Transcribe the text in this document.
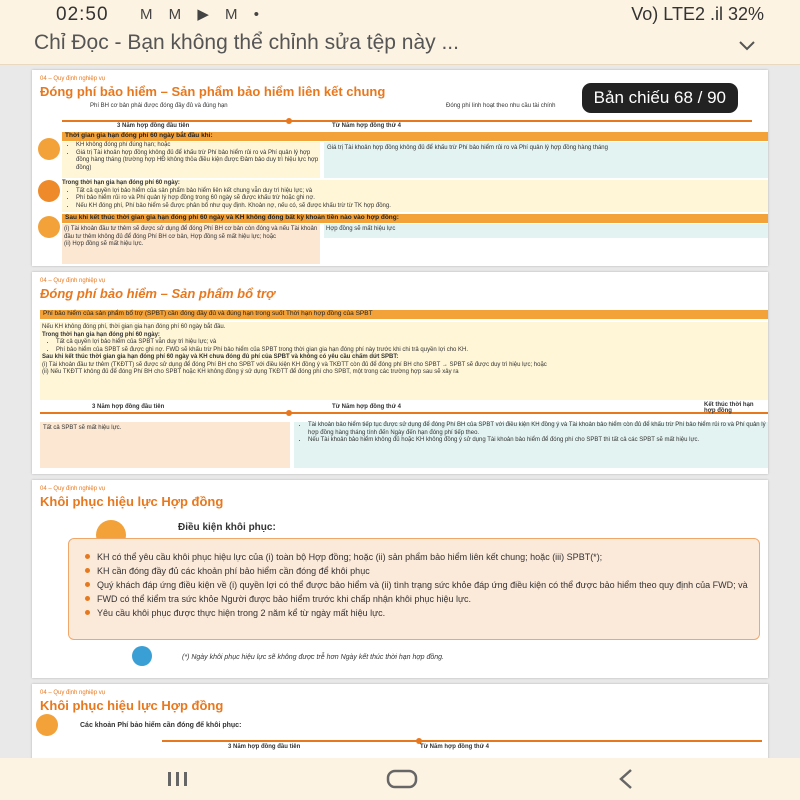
02:50 M M ▶ M •	Vo) LTE2 .il 32%
Chỉ Đọc - Bạn không thể chỉnh sửa tệp này ...
04 – Quy định nghiệp vụ
Đóng phí bảo hiểm – Sản phẩm bảo hiểm liên kết chung	Bản chiếu 68 / 90
Phí BH cơ bản phải được đóng đầy đủ và đúng hạn	Đóng phí linh hoạt theo nhu cầu tài chính
3 Năm hợp đồng đầu tiên	Từ Năm hợp đồng thứ 4
Thời gian gia hạn đóng phí 60 ngày bắt đầu khi:
• KH không đóng phí đúng hạn; hoặc
• Giá trị Tài khoản hợp đồng không đủ để khấu trừ Phí bảo hiểm rủi ro và Phí quản lý hợp đồng hàng tháng (trường hợp HĐ không thỏa điều kiện được Đảm bảo duy trì hiệu lực hợp đồng)
Giá trị Tài khoản hợp đồng không đủ để khấu trừ Phí bảo hiểm rủi ro và Phí quản lý hợp đồng hàng tháng
Trong thời hạn gia hạn đóng phí 60 ngày:
• Tất cả quyền lợi bảo hiểm của sản phẩm bảo hiểm liên kết chung vẫn duy trì hiệu lực; và
• Phí bảo hiểm rủi ro và Phí quản lý hợp đồng trong 60 ngày sẽ được khấu trừ hoặc ghi nợ.
• Nếu KH đóng phí, Phí bảo hiểm sẽ được phân bổ như quy định. Khoản nợ, nếu có, sẽ được khấu trừ từ TK hợp đồng.
Sau khi kết thúc thời gian gia hạn đóng phí 60 ngày và KH không đóng bất kỳ khoản tiền nào vào hợp đồng:
(i) Tài khoản đầu tư thêm sẽ được sử dụng để đóng Phí BH cơ bản còn đóng và nếu Tài khoản đầu tư thêm không đủ để đóng Phí BH cơ bản, Hợp đồng sẽ mất hiệu lực; hoặc
(ii) Hợp đồng sẽ mất hiệu lực.
Hợp đồng sẽ mất hiệu lực
04 – Quy định nghiệp vụ
Đóng phí bảo hiểm – Sản phẩm bổ trợ
Phí bảo hiểm của sản phẩm bổ trợ (SPBT) cần đóng đầy đủ và đúng hạn trong suốt Thời hạn hợp đồng của SPBT
Nếu KH không đóng phí, thời gian gia hạn đóng phí 60 ngày bắt đầu.
Trong thời hạn gia hạn đóng phí 60 ngày:
• Tất cả quyền lợi bảo hiểm của SPBT vẫn duy trì hiệu lực; và
• Phí bảo hiểm của SPBT sẽ được ghi nợ. FWD sẽ khấu trừ Phí bảo hiểm của SPBT trong thời gian gia hạn đóng phí này trước khi chi trả quyền lợi cho KH.
Sau khi kết thúc thời gian gia hạn đóng phí 60 ngày và KH chưa đóng đủ phí của SPBT và không có yêu cầu chấm dứt SPBT:
(i) Tài khoản đầu tư thêm (TKĐTT) sẽ được sử dụng để đóng Phí BH cho SPBT với điều kiện KH đồng ý và TKĐTT còn đủ để đóng phí BH cho SPBT → SPBT sẽ được duy trì hiệu lực; hoặc
(ii) Nếu TKĐTT không đủ để đóng Phí BH cho SPBT hoặc KH không đồng ý sử dụng TKĐTT để đóng phí cho SPBT, một trong các trường hợp sau sẽ xảy ra
3 Năm hợp đồng đầu tiên	Từ Năm hợp đồng thứ 4	Kết thúc thời hạn hợp đồng
Tất cả SPBT sẽ mất hiệu lực.
•	Tài khoản bảo hiểm tiếp tục được sử dụng để đóng Phí BH của SPBT với điều kiện KH đồng ý và Tài khoản bảo hiểm còn đủ để khấu trừ Phí bảo hiểm rủi ro và Phí quản lý hợp đồng hàng tháng tính đến Ngày đến hạn đóng phí tiếp theo.
• Nếu Tài khoản bảo hiểm không đủ hoặc KH không đồng ý sử dụng Tài khoản bảo hiểm để đóng phí cho SPBT thì tất cả các SPBT sẽ mất hiệu lực.
04 – Quy định nghiệp vụ
Khôi phục hiệu lực Hợp đồng
Điều kiện khôi phục:
KH có thể yêu cầu khôi phục hiệu lực của (i) toàn bộ Hợp đồng; hoặc (ii) sản phẩm bảo hiểm liên kết chung; hoặc (iii) SPBT(*);
KH cần đóng đầy đủ các khoản phí bảo hiểm cần đóng để khôi phục
Quý khách đáp ứng điều kiện về (i) quyền lợi có thể được bảo hiểm và (ii) tình trạng sức khỏe đáp ứng điều kiện có thể được bảo hiểm theo quy định của FWD; và
FWD có thể kiểm tra sức khỏe Người được bảo hiểm trước khi chấp nhận khôi phục hiệu lực.
Yêu cầu khôi phục được thực hiện trong 2 năm kể từ ngày mất hiệu lực.
(*) Ngày khôi phục hiệu lực sẽ không được trễ hơn Ngày kết thúc thời hạn hợp đồng.
04 – Quy định nghiệp vụ
Khôi phục hiệu lực Hợp đồng
Các khoản Phí bảo hiểm cần đóng để khôi phục:
3 Năm hợp đồng đầu tiên	Từ Năm hợp đồng thứ 4
